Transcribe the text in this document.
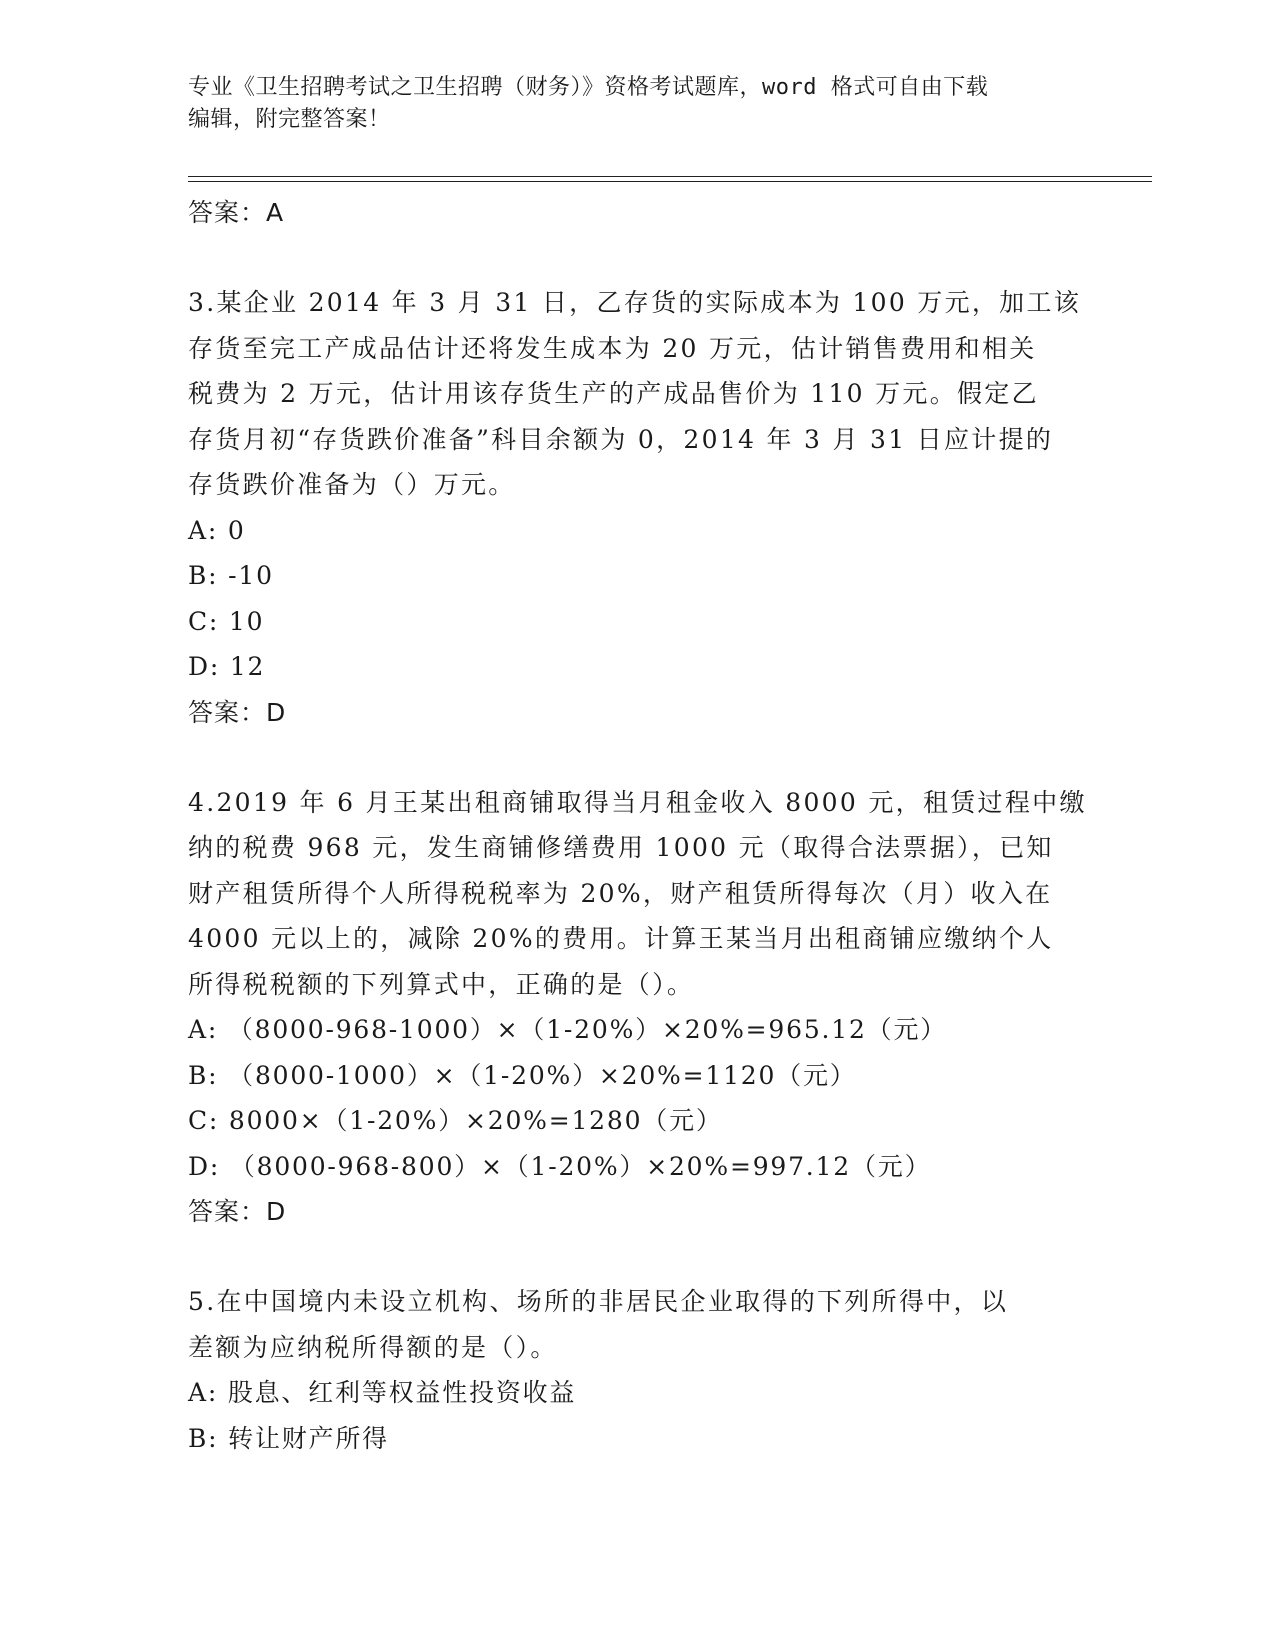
专业《卫生招聘考试之卫生招聘（财务）》资格考试题库，word 格式可自由下载
编辑，附完整答案！
答案：A
3.某企业 2014 年 3 月 31 日，乙存货的实际成本为 100 万元，加工该
存货至完工产成品估计还将发生成本为 20 万元，估计销售费用和相关
税费为 2 万元，估计用该存货生产的产成品售价为 110 万元。假定乙
存货月初“存货跌价准备”科目余额为 0，2014 年 3 月 31 日应计提的
存货跌价准备为（）万元。
A: 0
B: -10
C: 10
D: 12
答案：D
4.2019 年 6 月王某出租商铺取得当月租金收入 8000 元，租赁过程中缴
纳的税费 968 元，发生商铺修缮费用 1000 元（取得合法票据），已知
财产租赁所得个人所得税税率为 20%，财产租赁所得每次（月）收入在
4000 元以上的，减除 20%的费用。计算王某当月出租商铺应缴纳个人
所得税税额的下列算式中，正确的是（）。
A: （8000-968-1000）×（1-20%）×20%=965.12（元）
B: （8000-1000）×（1-20%）×20%=1120（元）
C: 8000×（1-20%）×20%=1280（元）
D: （8000-968-800）×（1-20%）×20%=997.12（元）
答案：D
5.在中国境内未设立机构、场所的非居民企业取得的下列所得中，以
差额为应纳税所得额的是（）。
A: 股息、红利等权益性投资收益
B: 转让财产所得
